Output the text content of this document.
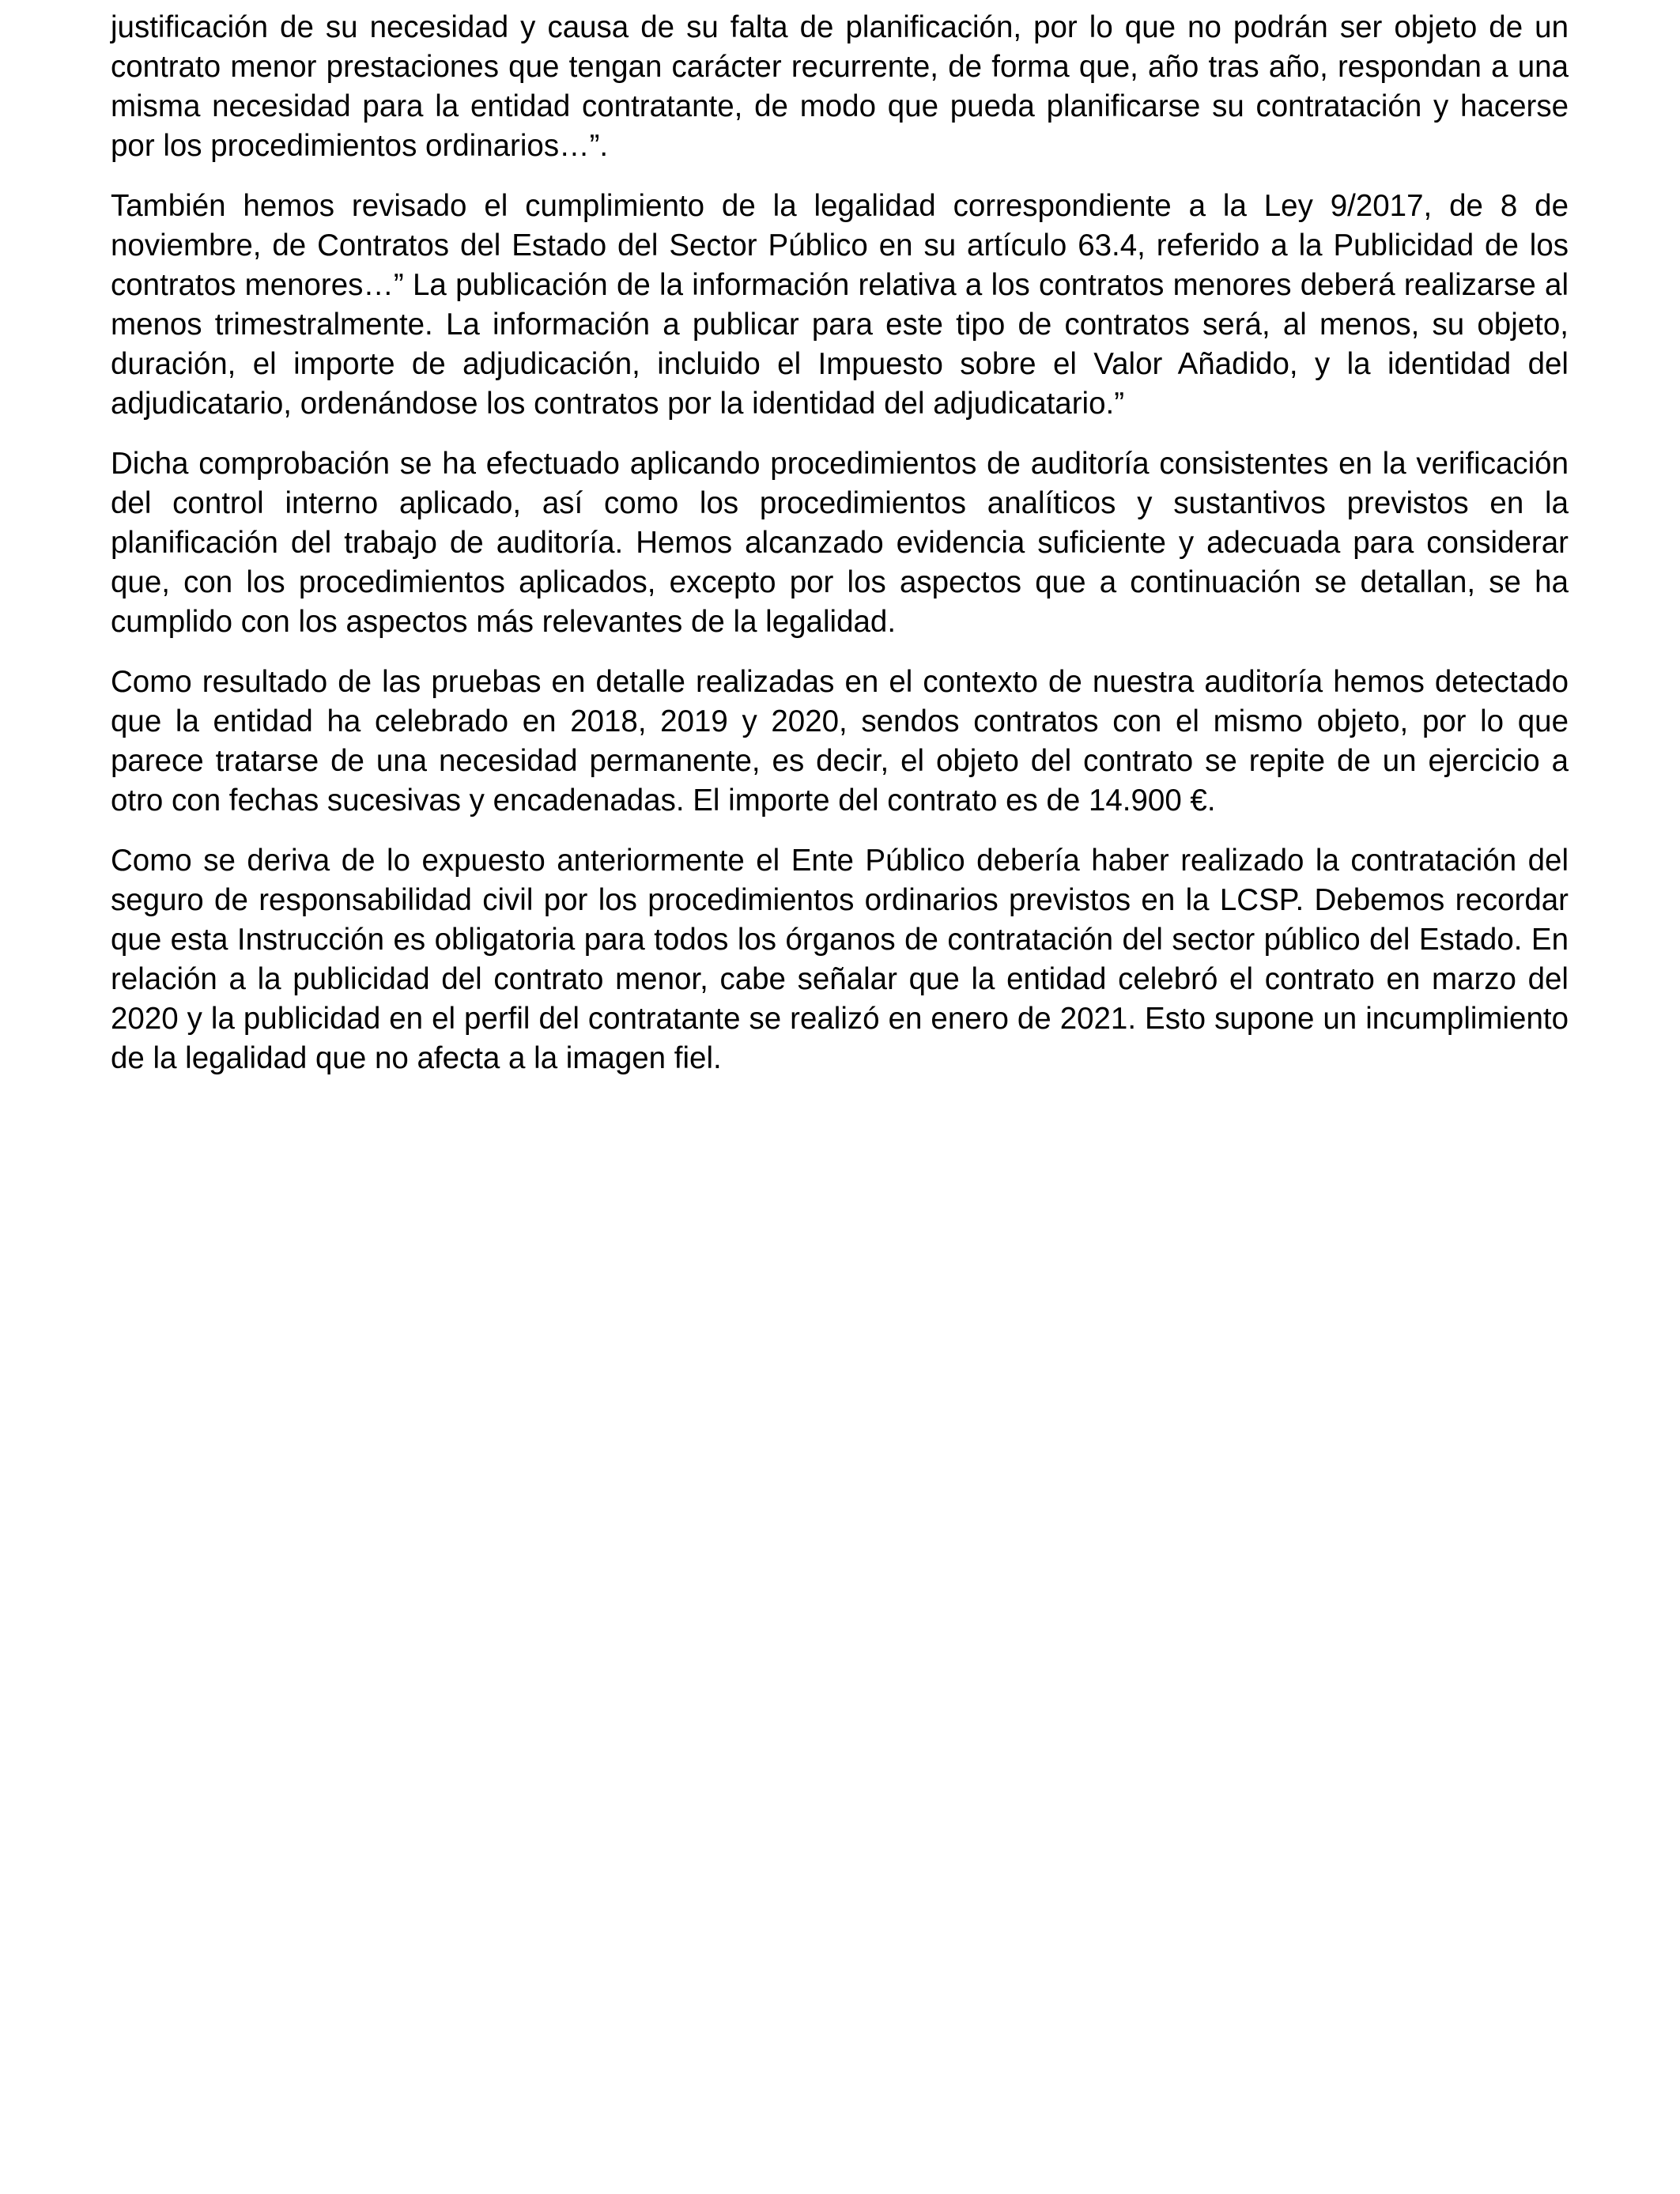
justificación de su necesidad y causa de su falta de planificación, por lo que no podrán ser objeto de un contrato menor prestaciones que tengan carácter recurrente, de forma que, año tras año, respondan a una misma necesidad para la entidad contratante, de modo que pueda planificarse su contratación y hacerse por los procedimientos ordinarios…”.

También hemos revisado el cumplimiento de la legalidad correspondiente a la Ley 9/2017, de 8 de noviembre, de Contratos del Estado del Sector Público en su artículo 63.4, referido a la Publicidad de los contratos menores…” La publicación de la información relativa a los contratos menores deberá realizarse al menos trimestralmente. La información a publicar para este tipo de contratos será, al menos, su objeto, duración, el importe de adjudicación, incluido el Impuesto sobre el Valor Añadido, y la identidad del adjudicatario, ordenándose los contratos por la identidad del adjudicatario.”

Dicha comprobación se ha efectuado aplicando procedimientos de auditoría consistentes en la verificación del control interno aplicado, así como los procedimientos analíticos y sustantivos previstos en la planificación del trabajo de auditoría. Hemos alcanzado evidencia suficiente y adecuada para considerar que, con los procedimientos aplicados, excepto por los aspectos que a continuación se detallan, se ha cumplido con los aspectos más relevantes de la legalidad.

Como resultado de las pruebas en detalle realizadas en el contexto de nuestra auditoría hemos detectado que la entidad ha celebrado en 2018, 2019 y 2020, sendos contratos con el mismo objeto, por lo que parece tratarse de una necesidad permanente, es decir, el objeto del contrato se repite de un ejercicio a otro con fechas sucesivas y encadenadas. El importe del contrato es de 14.900 €.

Como se deriva de lo expuesto anteriormente el Ente Público debería haber realizado la contratación del seguro de responsabilidad civil por los procedimientos ordinarios previstos en la LCSP. Debemos recordar que esta Instrucción es obligatoria para todos los órganos de contratación del sector público del Estado. En relación a la publicidad del contrato menor, cabe señalar que la entidad celebró el contrato en marzo del 2020 y la publicidad en el perfil del contratante se realizó en enero de 2021. Esto supone un incumplimiento de la legalidad que no afecta a la imagen fiel.
